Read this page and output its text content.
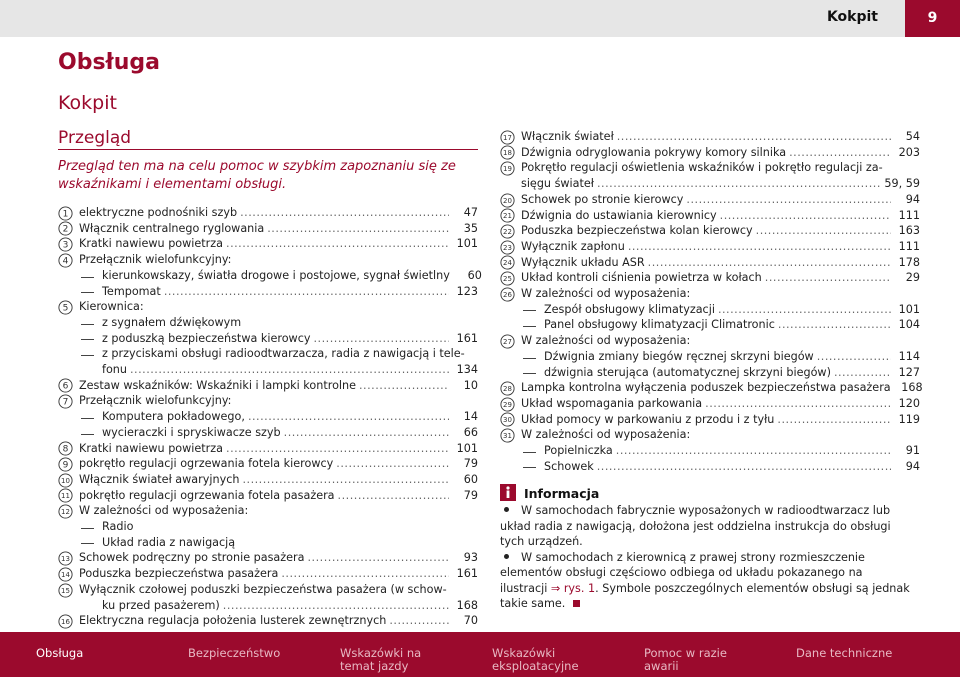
Kokpit	9
Obsługa
Kokpit
Przegląd
Przegląd ten ma na celu pomoc w szybkim zapoznaniu się ze wskaźnikami i elementami obsługi.
1 elektryczne podnośniki szyb .....	47
2 Włącznik centralnego ryglowania .....	35
3 Kratki nawiewu powietrza .....	101
4 Przełącznik wielofunkcyjny:
kierunkowskazy, światła drogowe i postojowe, sygnał świetlny	60
Tempomat .....	123
5 Kierownica:
z sygnałem dźwiękowym
z poduszką bezpieczeństwa kierowcy .....	161
z przyciskami obsługi radioodtwarzacza, radia z nawigacją i tele-
fonu .....	134
6 Zestaw wskaźników: Wskaźniki i lampki kontrolne .....	10
7 Przełącznik wielofunkcyjny:
Komputera pokładowego, .....	14
wycieraczki i spryskiwacze szyb .....	66
8 Kratki nawiewu powietrza .....	101
9 pokrętło regulacji ogrzewania fotela kierowcy .....	79
10 Włącznik świateł awaryjnych .....	60
11 pokrętło regulacji ogrzewania fotela pasażera .....	79
12 W zależności od wyposażenia:
Radio
Układ radia z nawigacją
13 Schowek podręczny po stronie pasażera .....	93
14 Poduszka bezpieczeństwa pasażera .....	161
15 Wyłącznik czołowej poduszki bezpieczeństwa pasażera (w schow-
ku przed pasażerem) .....	168
16 Elektryczna regulacja położenia lusterek zewnętrznych .....	70
17 Włącznik świateł .....	54
18 Dźwignia odryglowania pokrywy komory silnika .....	203
19 Pokrętło regulacji oświetlenia wskaźników i pokrętło regulacji za-
sięgu świateł .....	59, 59
20 Schowek po stronie kierowcy .....	94
21 Dźwignia do ustawiania kierownicy .....	111
22 Poduszka bezpieczeństwa kolan kierowcy .....	163
23 Wyłącznik zapłonu .....	111
24 Wyłącznik układu ASR .....	178
25 Układ kontroli ciśnienia powietrza w kołach .....	29
26 W zależności od wyposażenia:
Zespół obsługowy klimatyzacji .....	101
Panel obsługowy klimatyzacji Climatronic .....	104
27 W zależności od wyposażenia:
Dźwignia zmiany biegów ręcznej skrzyni biegów .....	114
dźwignia sterująca (automatycznej skrzyni biegów) .....	127
28 Lampka kontrolna wyłączenia poduszek bezpieczeństwa pasażera 168
29 Układ wspomagania parkowania .....	120
30 Układ pomocy w parkowaniu z przodu i z tyłu .....	119
31 W zależności od wyposażenia:
Popielniczka .....	91
Schowek .....	94
Informacja
W samochodach fabrycznie wyposażonych w radioodtwarzacz lub układ radia z nawigacją, dołożona jest oddzielna instrukcja do obsługi tych urządzeń.
W samochodach z kierownicą z prawej strony rozmieszczenie elementów obsługi częściowo odbiega od układu pokazanego na ilustracji ⇒ rys. 1. Symbole poszczególnych elementów obsługi są jednak takie same.
Obsługa	Bezpieczeństwo	Wskazówki na temat jazdy
Wskazówki eksploatacyjne
Pomoc w razie awarii
Dane techniczne
